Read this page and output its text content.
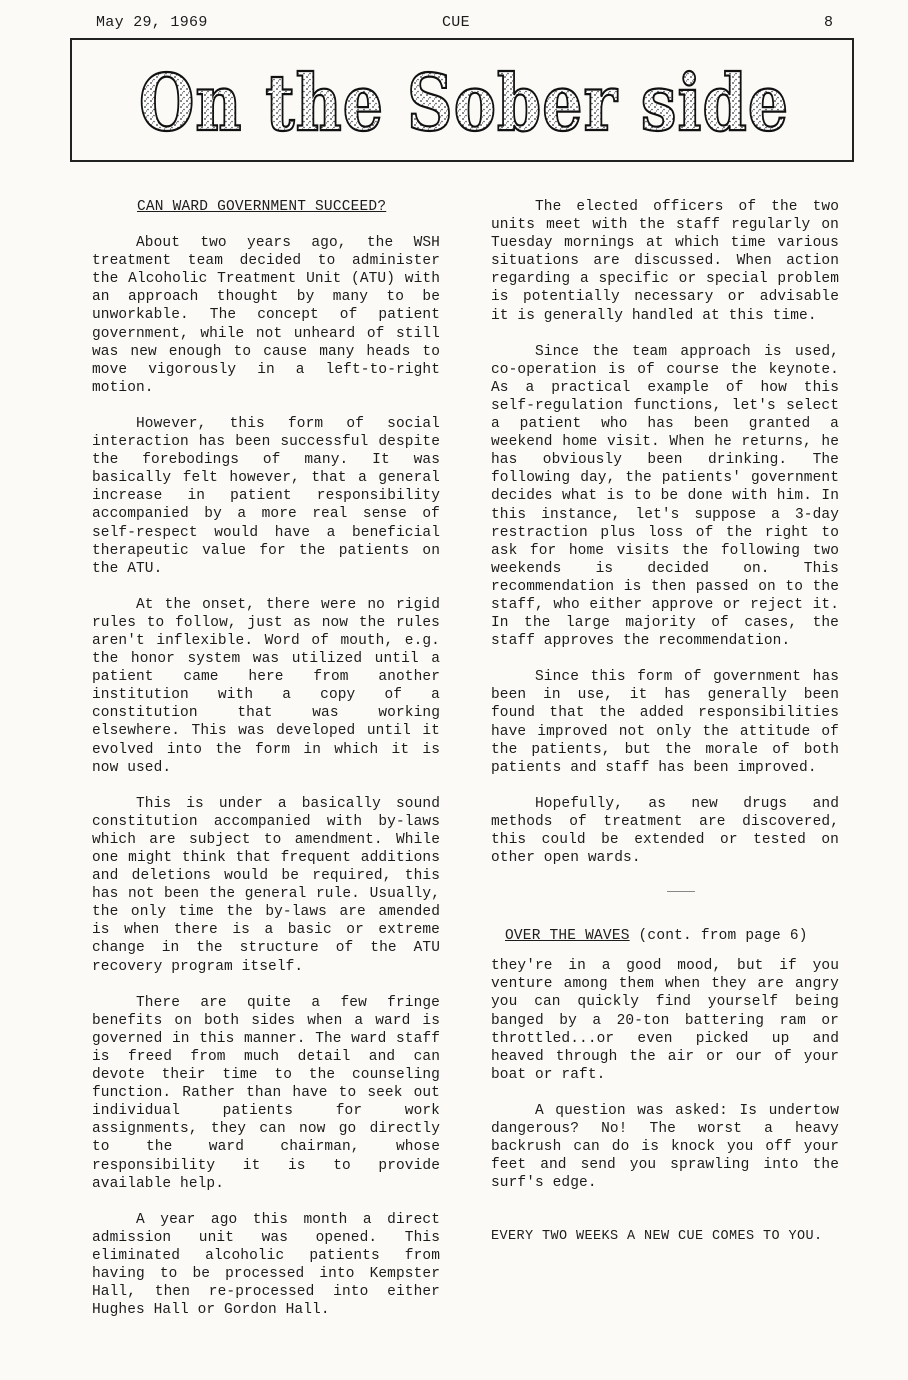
May 29, 1969	CUE	8
On the Sober side
CAN WARD GOVERNMENT SUCCEED?

About two years ago, the WSH treatment team decided to administer the Alcoholic Treatment Unit (ATU) with an approach thought by many to be unworkable. The concept of patient government, while not unheard of still was new enough to cause many heads to move vigorously in a left-to-right motion.

However, this form of social interaction has been successful despite the forebodings of many. It was basically felt however, that a general increase in patient responsibility accompanied by a more real sense of self-respect would have a beneficial therapeutic value for the patients on the ATU.

At the onset, there were no rigid rules to follow, just as now the rules aren't inflexible. Word of mouth, e.g. the honor system was utilized until a patient came here from another institution with a copy of a constitution that was working elsewhere. This was developed until it evolved into the form in which it is now used.

This is under a basically sound constitution accompanied with by-laws which are subject to amendment. While one might think that frequent additions and deletions would be required, this has not been the general rule. Usually, the only time the by-laws are amended is when there is a basic or extreme change in the structure of the ATU recovery program itself.

There are quite a few fringe benefits on both sides when a ward is governed in this manner. The ward staff is freed from much detail and can devote their time to the counseling function. Rather than have to seek out individual patients for work assignments, they can now go directly to the ward chairman, whose responsibility it is to provide available help.

A year ago this month a direct admission unit was opened. This eliminated alcoholic patients from having to be processed into Kempster Hall, then re-processed into either Hughes Hall or Gordon Hall.

The elected officers of the two units meet with the staff regularly on Tuesday mornings at which time various situations are discussed. When action regarding a specific or special problem is potentially necessary or advisable it is generally handled at this time.

Since the team approach is used, co-operation is of course the keynote. As a practical example of how this self-regulation functions, let's select a patient who has been granted a weekend home visit. When he returns, he has obviously been drinking. The following day, the patients' government decides what is to be done with him. In this instance, let's suppose a 3-day restraction plus loss of the right to ask for home visits the following two weekends is decided on. This recommendation is then passed on to the staff, who either approve or reject it. In the large majority of cases, the staff approves the recommendation.

Since this form of government has been in use, it has generally been found that the added responsibilities have improved not only the attitude of the patients, but the morale of both patients and staff has been improved.

Hopefully, as new drugs and methods of treatment are discovered, this could be extended or tested on other open wards.

OVER THE WAVES (cont. from page 6)

they're in a good mood, but if you venture among them when they are angry you can quickly find yourself being banged by a 20-ton battering ram or throttled...or even picked up and heaved through the air or our of your boat or raft.

A question was asked: Is undertow dangerous? No! The worst a heavy backrush can do is knock you off your feet and send you sprawling into the surf's edge.

EVERY TWO WEEKS A NEW CUE COMES TO YOU.
